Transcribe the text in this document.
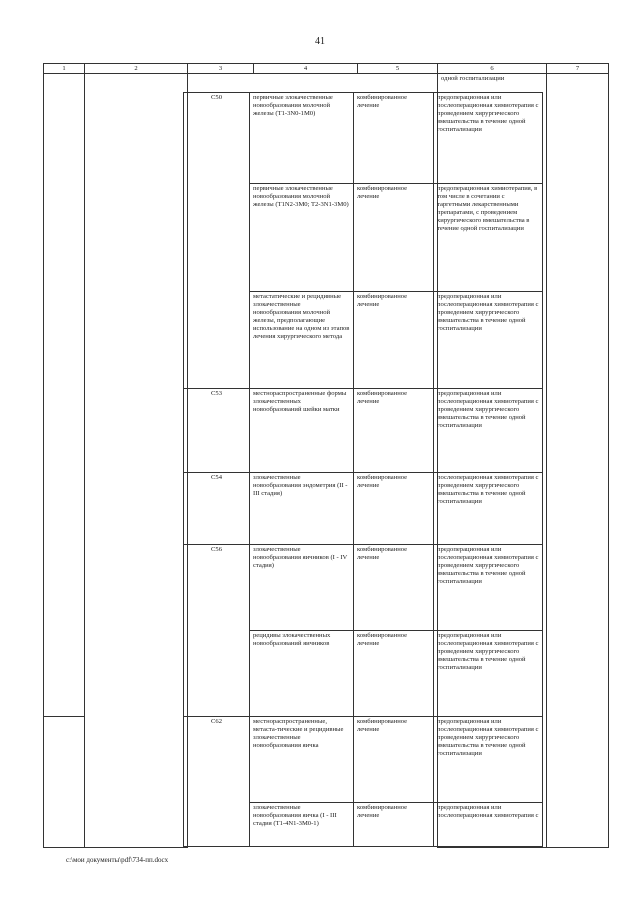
41
1	2	3	4	5	6	7
					одной госпитализации	
C50	первичные злокачественные новообразования молочной железы (T1-3N0-1M0)	комбинированное лечение	предоперационная или послеоперационная химиотерапия с проведением хирургического вмешательства в течение одной госпитализации
	первичные злокачественные новообразования молочной железы (T1N2-3M0; T2-3N1-3M0)	комбинированное лечение	предоперационная химиотерапия, в том числе в сочетании с таргетными лекарственными препаратами, с проведением хирургического вмешательства в течение одной госпитализации
	метастатические и рецидивные злокачественные новообразования молочной железы, предполагающие использование на одном из этапов лечения хирургического метода	комбинированное лечение	предоперационная или послеоперационная химиотерапия с проведением хирургического вмешательства в течение одной госпитализации
C53	местнораспространенные формы злокачественных новообразований шейки матки	комбинированное лечение	предоперационная или послеоперационная химиотерапия с проведением хирургического вмешательства в течение одной госпитализации
C54	злокачественные новообразования эндометрия (II - III стадия)	комбинированное лечение	послеоперационная химиотерапия с проведением хирургического вмешательства в течение одной госпитализации
C56	злокачественные новообразования яичников (I - IV стадия)	комбинированное лечение	предоперационная или послеоперационная химиотерапия с проведением хирургического вмешательства в течение одной госпитализации
	рецидивы злокачественных новообразований яичников	комбинированное лечение	предоперационная или послеоперационная химиотерапия с проведением хирургического вмешательства в течение одной госпитализации
C62	местнораспространенные, метаста-тические и рецидивные злокачественные новообразования яичка	комбинированное лечение	предоперационная или послеоперационная химиотерапия с проведением хирургического вмешательства в течение одной госпитализации
	злокачественные новообразования яичка (I - III стадия (T1-4N1-3M0-1)	комбинированное лечение	предоперационная или послеоперационная химиотерапия с
c:\мои документы\pdf\734-пп.docx
